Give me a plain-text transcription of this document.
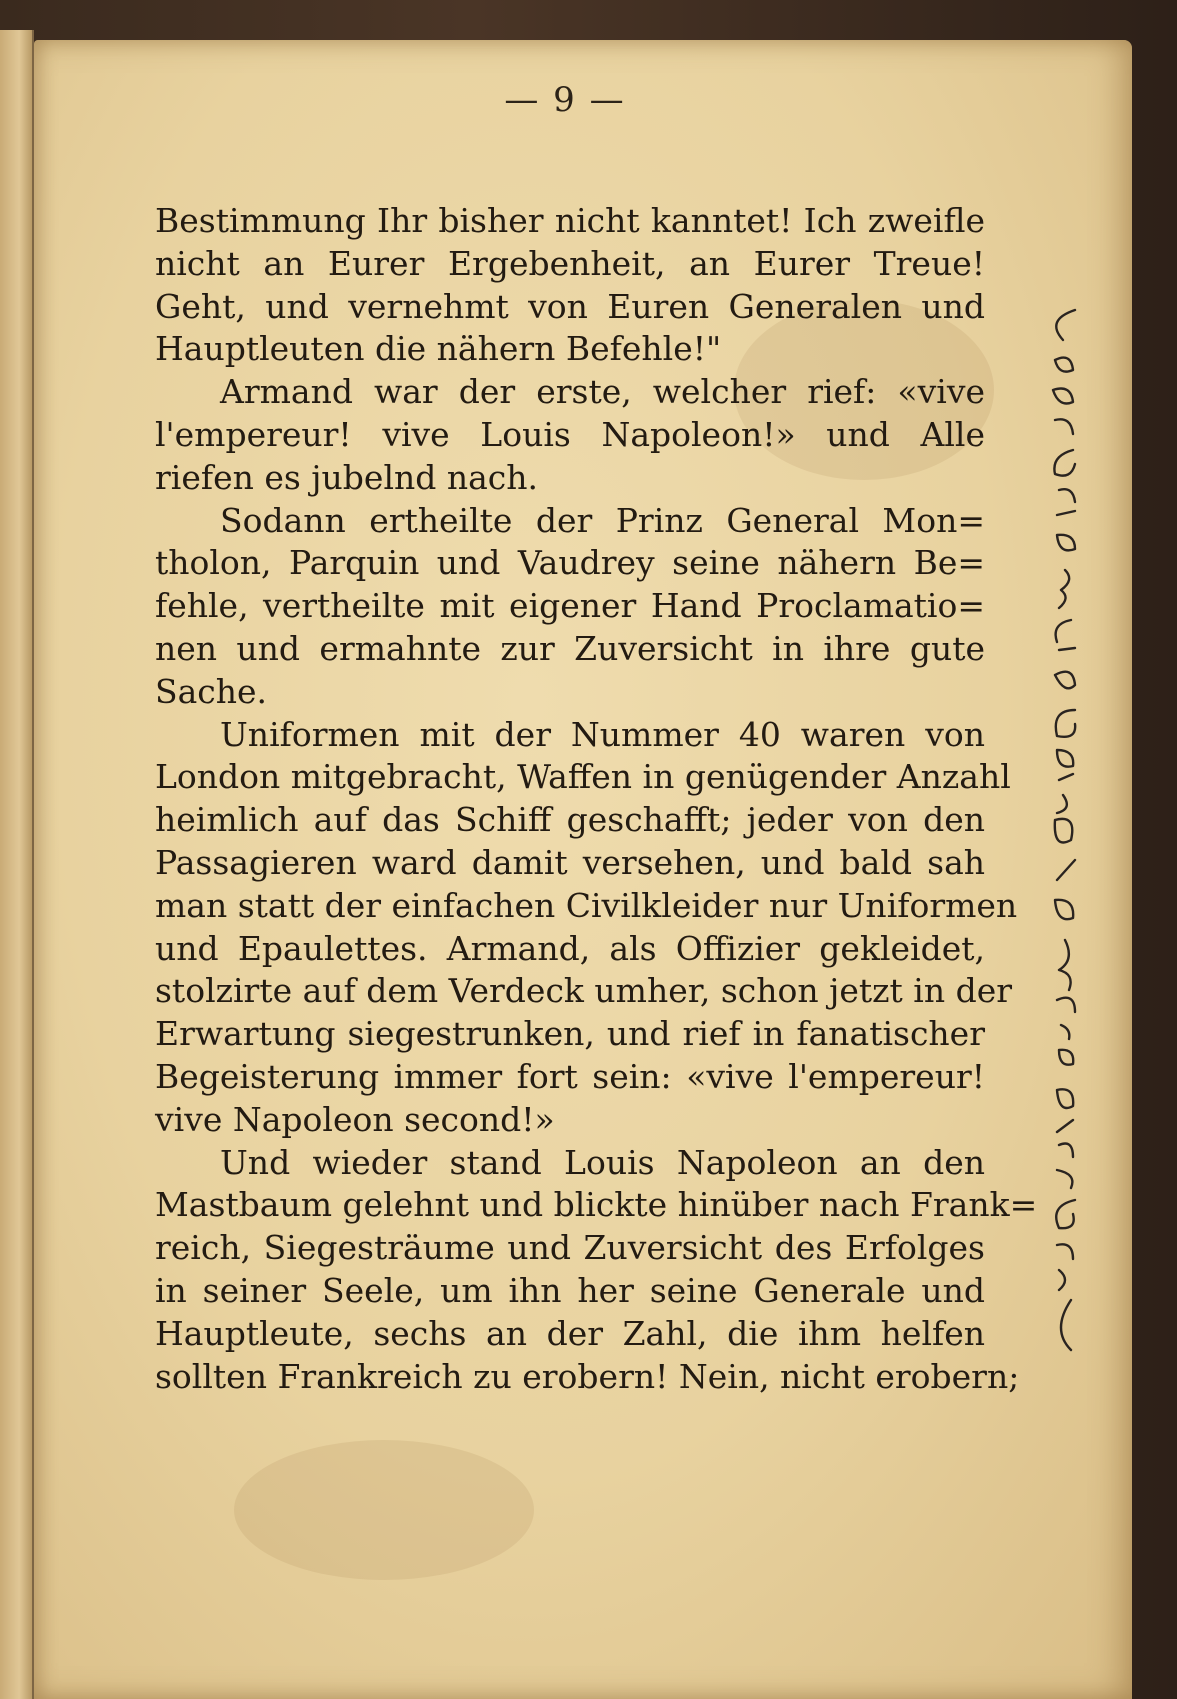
— 9 —
Bestimmung Ihr bisher nicht kanntet! Ich zweifle
nicht an Eurer Ergebenheit, an Eurer Treue!
Geht, und vernehmt von Euren Generalen und
Hauptleuten die nähern Befehle!"
Armand war der erste, welcher rief: «vive
l'empereur! vive Louis Napoleon!» und Alle
riefen es jubelnd nach.
Sodann ertheilte der Prinz General Mon=
tholon, Parquin und Vaudrey seine nähern Be=
fehle, vertheilte mit eigener Hand Proclamatio=
nen und ermahnte zur Zuversicht in ihre gute
Sache.
Uniformen mit der Nummer 40 waren von
London mitgebracht, Waffen in genügender Anzahl
heimlich auf das Schiff geschafft; jeder von den
Passagieren ward damit versehen, und bald sah
man statt der einfachen Civilkleider nur Uniformen
und Epaulettes. Armand, als Offizier gekleidet,
stolzirte auf dem Verdeck umher, schon jetzt in der
Erwartung siegestrunken, und rief in fanatischer
Begeisterung immer fort sein: «vive l'empereur!
vive Napoleon second!»
Und wieder stand Louis Napoleon an den
Mastbaum gelehnt und blickte hinüber nach Frank=
reich, Siegesträume und Zuversicht des Erfolges
in seiner Seele, um ihn her seine Generale und
Hauptleute, sechs an der Zahl, die ihm helfen
sollten Frankreich zu erobern! Nein, nicht erobern;
